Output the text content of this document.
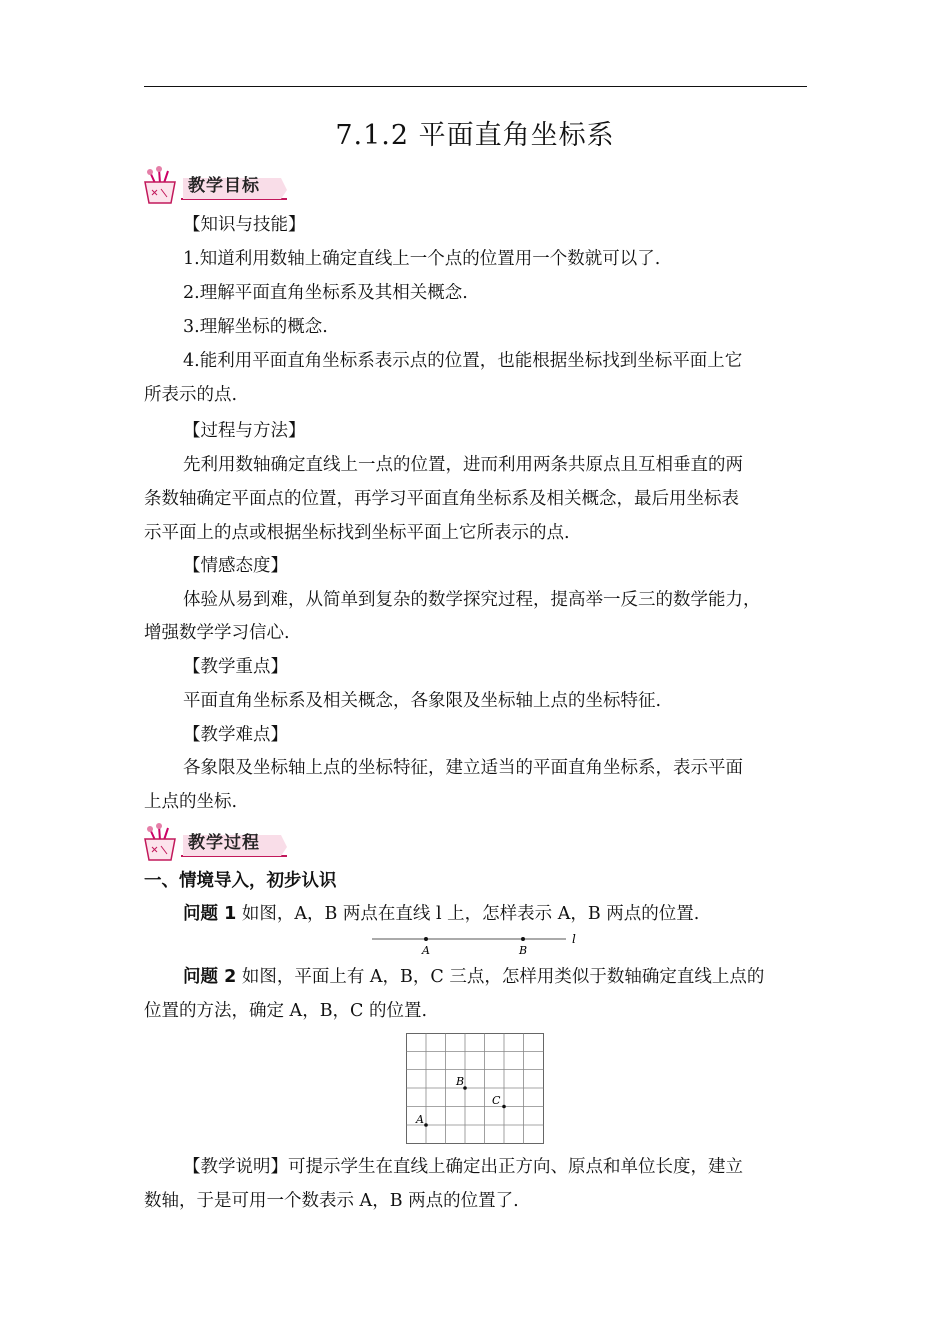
7.1.2 平面直角坐标系
教学目标
【知识与技能】
1.知道利用数轴上确定直线上一个点的位置用一个数就可以了.
2.理解平面直角坐标系及其相关概念.
3.理解坐标的概念.
4.能利用平面直角坐标系表示点的位置，也能根据坐标找到坐标平面上它
所表示的点.
【过程与方法】
先利用数轴确定直线上一点的位置，进而利用两条共原点且互相垂直的两
条数轴确定平面点的位置，再学习平面直角坐标系及相关概念，最后用坐标表
示平面上的点或根据坐标找到坐标平面上它所表示的点.
【情感态度】
体验从易到难，从简单到复杂的数学探究过程，提高举一反三的数学能力，
增强数学学习信心.
【教学重点】
平面直角坐标系及相关概念，各象限及坐标轴上点的坐标特征.
【教学难点】
各象限及坐标轴上点的坐标特征，建立适当的平面直角坐标系，表示平面
上点的坐标.
教学过程
一、情境导入，初步认识
问题 1 如图，A，B 两点在直线 l 上，怎样表示 A，B 两点的位置.
A	B
l
问题 2 如图，平面上有 A，B，C 三点，怎样用类似于数轴确定直线上点的
位置的方法，确定 A，B，C 的位置.
B
C
A
【教学说明】可提示学生在直线上确定出正方向、原点和单位长度，建立
数轴，于是可用一个数表示 A，B 两点的位置了.
